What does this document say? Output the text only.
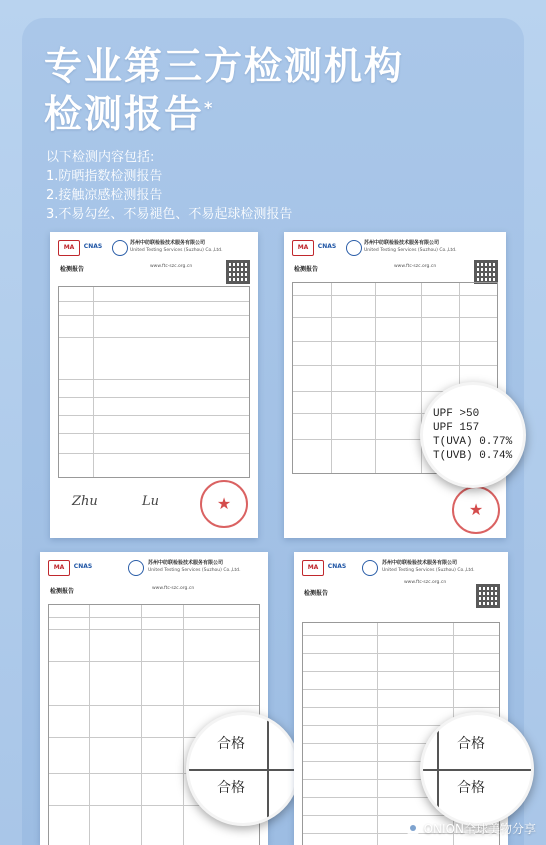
专业第三方检测机构
检测报告*
以下检测内容包括:
1.防晒指数检测报告
2.接触凉感检测报告
3.不易勾丝、不易褪色、不易起球检测报告
MA	CNAS	苏州中纺联检验技术服务有限公司
United Testing Services (Suzhou) Co.,Ltd.
检测报告	www.ftc-szc.org.cn
Zhu	Lu
★
MA	CNAS	苏州中纺联检验技术服务有限公司
United Testing Services (Suzhou) Co.,Ltd.
检测报告	www.ftc-szc.org.cn
★
UPF >50
UPF 157
T(UVA) 0.77%
T(UVB) 0.74%
MA	CNAS	苏州中纺联检验技术服务有限公司
United Testing Services (Suzhou) Co.,Ltd.
检测报告	www.ftc-szc.org.cn
合格
合格
MA	CNAS	苏州中纺联检验技术服务有限公司
United Testing Services (Suzhou) Co.,Ltd.
检测报告
www.ftc-szc.org.cn
合格
合格
ONION全球美物分享
